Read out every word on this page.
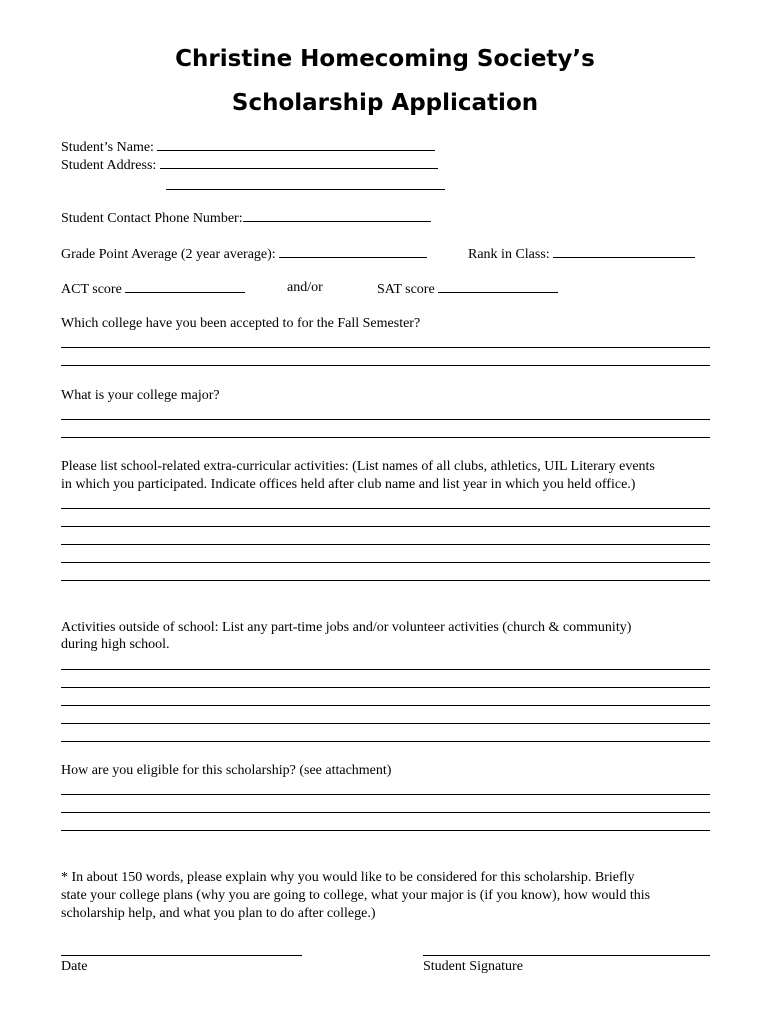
Christine Homecoming Society’s
Scholarship Application
Student’s Name:
Student Address:
Student Contact Phone Number:
Grade Point Average (2 year average):	Rank in Class:
ACT score	and/or	SAT score
Which college have you been accepted to for the Fall Semester?
What is your college major?
Please list school-related extra-curricular activities: (List names of all clubs, athletics, UIL Literary events
in which you participated. Indicate offices held after club name and list year in which you held office.)
Activities outside of school: List any part-time jobs and/or volunteer activities (church & community)
during high school.
How are you eligible for this scholarship? (see attachment)
* In about 150 words, please explain why you would like to be considered for this scholarship. Briefly
state your college plans (why you are going to college, what your major is (if you know), how would this
scholarship help, and what you plan to do after college.)
Date	Student Signature
